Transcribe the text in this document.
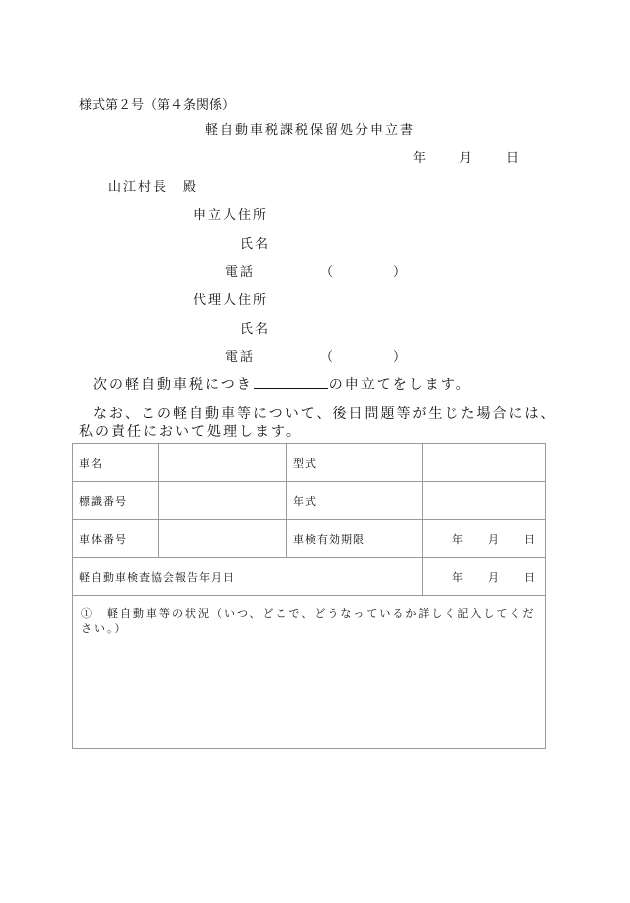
様式第２号（第４条関係）
軽自動車税課税保留処分申立書
年	月	日
山江村長　殿
申立人住所
氏名
電話	（	）
代理人住所
氏名
電話	（	）
次の軽自動車税につき	の申立てをします。
なお、この軽自動車等について、後日問題等が生じた場合には、
私の責任において処理します。
車名		型式	
標識番号		年式	
車体番号		車検有効期限	年 月 日
軽自動車検査協会報告年月日			年 月 日
①　軽自動車等の状況（いつ、どこで、どうなっているか詳しく記入してください。）			
